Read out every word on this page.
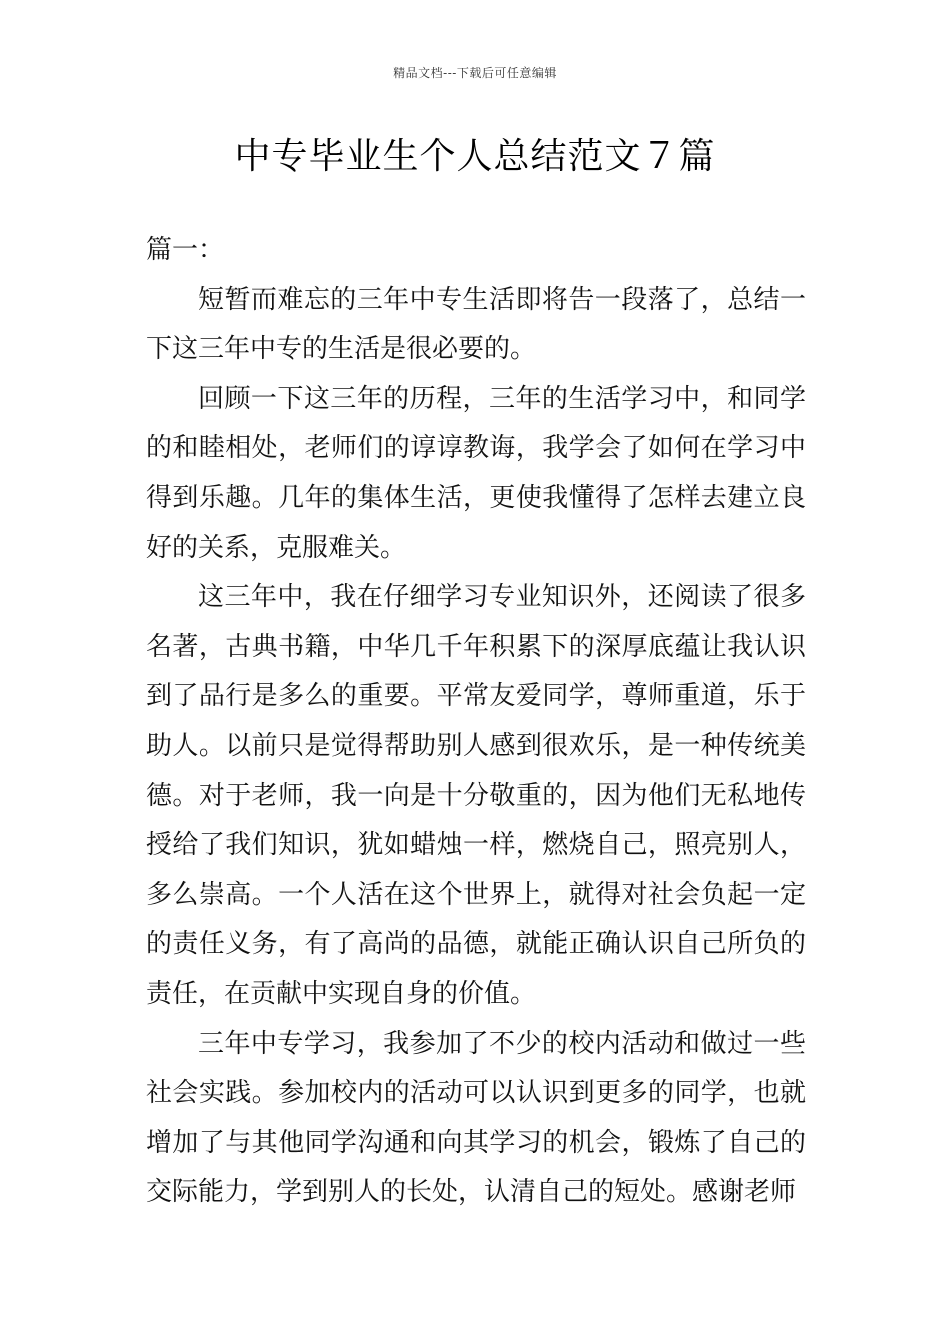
精品文档---下载后可任意编辑
中专毕业生个人总结范文７篇

篇一：

短暂而难忘的三年中专生活即将告一段落了，总结一下这三年中专的生活是很必要的。

回顾一下这三年的历程，三年的生活学习中，和同学的和睦相处，老师们的谆谆教诲，我学会了如何在学习中得到乐趣。几年的集体生活，更使我懂得了怎样去建立良好的关系，克服难关。

这三年中，我在仔细学习专业知识外，还阅读了很多名著，古典书籍，中华几千年积累下的深厚底蕴让我认识到了品行是多么的重要。平常友爱同学，尊师重道，乐于助人。以前只是觉得帮助别人感到很欢乐，是一种传统美德。对于老师，我一向是十分敬重的，因为他们无私地传授给了我们知识，犹如蜡烛一样，燃烧自己，照亮别人，多么崇高。一个人活在这个世界上，就得对社会负起一定的责任义务，有了高尚的品德，就能正确认识自己所负的责任，在贡献中实现自身的价值。

三年中专学习，我参加了不少的校内活动和做过一些社会实践。参加校内的活动可以认识到更多的同学，也就增加了与其他同学沟通和向其学习的机会，锻炼了自己的交际能力，学到别人的长处，认清自己的短处。感谢老师
